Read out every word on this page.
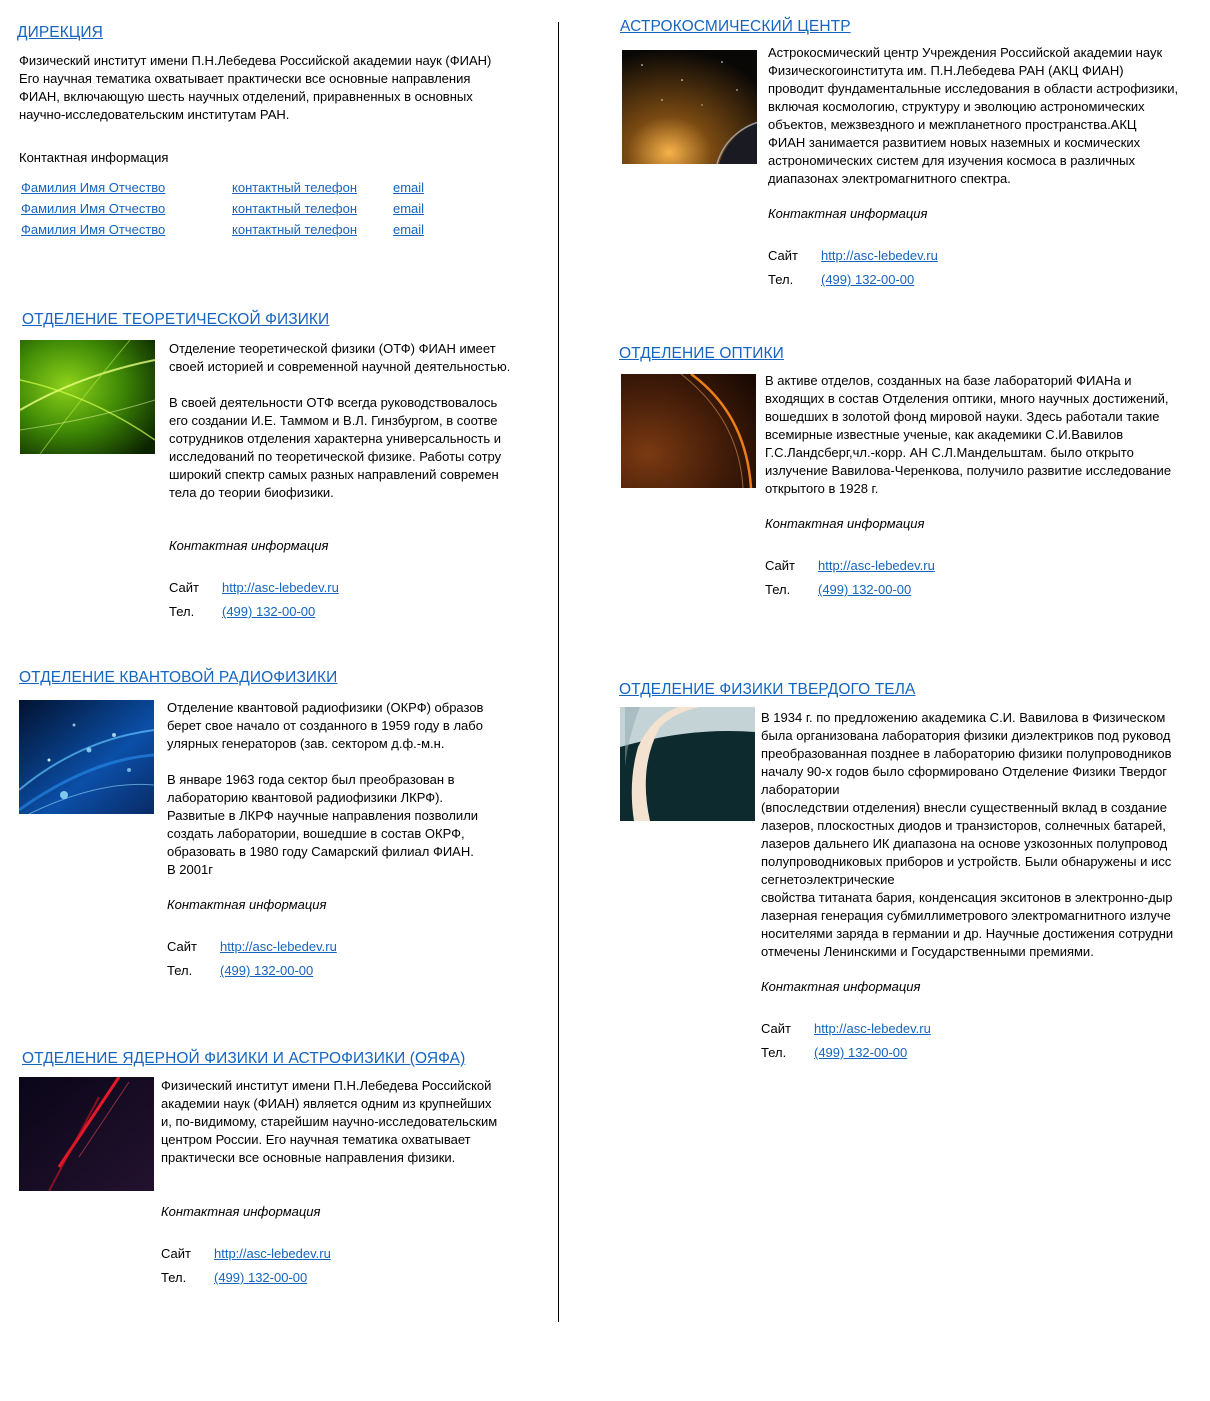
ДИРЕКЦИЯ
Физический институт имени П.Н.Лебедева Российской академии наук (ФИАН)
Его научная тематика охватывает практически все основные направления
ФИАН, включающую шесть научных отделений, приравненных в основных
научно-исследовательским институтам РАН.
Контактная информация
Фамилия Имя Отчество	контактный телефон	email
Фамилия Имя Отчество	контактный телефон	email
Фамилия Имя Отчество	контактный телефон	email
ОТДЕЛЕНИЕ ТЕОРЕТИЧЕСКОЙ ФИЗИКИ
Отделение теоретической физики (ОТФ) ФИАН имеет
своей историей и современной научной деятельностью.

В своей деятельности ОТФ всегда руководствовалось
его создании И.Е. Таммом и В.Л. Гинзбургом, в соотве
сотрудников отделения характерна универсальность и
исследований по теоретической физике. Работы сотру
широкий спектр самых разных направлений современ
тела до теории биофизики.
Контактная информация
Сайт http://asc-lebedev.ru
Тел. (499) 132-00-00
ОТДЕЛЕНИЕ КВАНТОВОЙ РАДИОФИЗИКИ
Отделение квантовой радиофизики (ОКРФ) образов
берет свое начало от созданного в 1959 году в лабо
улярных генераторов (зав. сектором д.ф.-м.н.

В январе 1963 года сектор был преобразован в
лабораторию квантовой радиофизики ЛКРФ).
Развитые в ЛКРФ научные направления позволили
создать лаборатории, вошедшие в состав ОКРФ,
образовать в 1980 году Самарский филиал ФИАН.
В 2001г
Контактная информация
Сайт http://asc-lebedev.ru
Тел. (499) 132-00-00
ОТДЕЛЕНИЕ ЯДЕРНОЙ ФИЗИКИ И АСТРОФИЗИКИ (ОЯФА)
Физический институт имени П.Н.Лебедева Российской
академии наук (ФИАН) является одним из крупнейших
и, по-видимому, старейшим научно-исследовательским
центром России. Его научная тематика охватывает
практически все основные направления физики.
Контактная информация
Сайт http://asc-lebedev.ru
Тел. (499) 132-00-00
АСТРОКОСМИЧЕСКИЙ ЦЕНТР
Астрокосмический центр Учреждения Российской академии наук
Физическогоинститута им. П.Н.Лебедева РАН (АКЦ ФИАН)
проводит фундаментальные исследования в области астрофизики,
включая космологию, структуру и эволюцию астрономических
объектов, межзвездного и межпланетного пространства.АКЦ
ФИАН занимается развитием новых наземных и космических
астрономических систем для изучения космоса в различных
диапазонах электромагнитного спектра.
Контактная информация
Сайт http://asc-lebedev.ru
Тел. (499) 132-00-00
ОТДЕЛЕНИЕ ОПТИКИ
В активе отделов, созданных на базе лабораторий ФИАНа и
входящих в состав Отделения оптики, много научных достижений,
вошедших в золотой фонд мировой науки. Здесь работали такие
всемирные известные ученые, как академики С.И.Вавилов
Г.С.Ландсберг,чл.-корр. АН С.Л.Мандельштам. было открыто
излучение Вавилова-Черенкова, получило развитие исследование
открытого в 1928 г.
Контактная информация
Сайт http://asc-lebedev.ru
Тел. (499) 132-00-00
ОТДЕЛЕНИЕ ФИЗИКИ ТВЕРДОГО ТЕЛА
В 1934 г. по предложению академика С.И. Вавилова в Физическом
была организована лаборатория физики диэлектриков под руковод
преобразованная позднее в лабораторию физики полупроводников
началу 90-х годов было сформировано Отделение Физики Твердог
лаборатории
(впоследствии отделения) внесли существенный вклад в создание
лазеров, плоскостных диодов и транзисторов, солнечных батарей,
лазеров дальнего ИК диапазона на основе узкозонных полупровод
полупроводниковых приборов и устройств. Были обнаружены и исс
сегнетоэлектрические
свойства титаната бария, конденсация экситонов в электронно-дыр
лазерная генерация субмиллиметрового электромагнитного излуче
носителями заряда в германии и др. Научные достижения сотрудни
отмечены Ленинскими и Государственными премиями.
Контактная информация
Сайт http://asc-lebedev.ru
Тел. (499) 132-00-00
